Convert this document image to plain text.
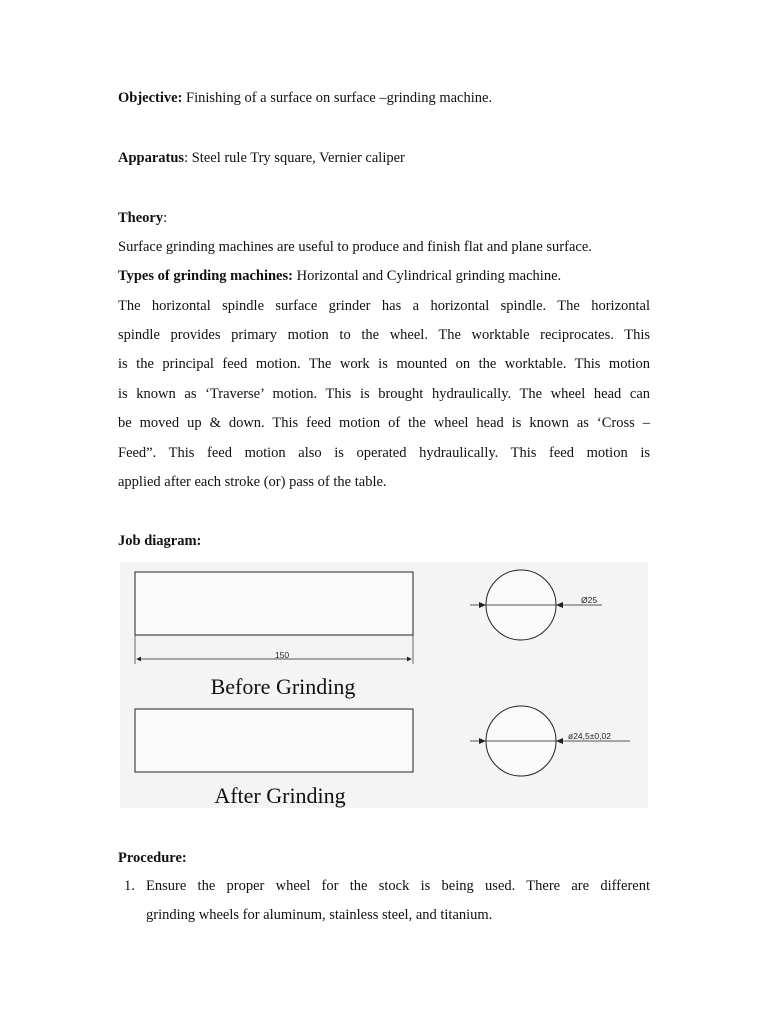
Objective: Finishing of a surface on surface –grinding machine.
Apparatus: Steel rule Try square, Vernier caliper
Theory:
Surface grinding machines are useful to produce and finish flat and plane surface.
Types of grinding machines: Horizontal and Cylindrical grinding machine.
The horizontal spindle surface grinder has a horizontal spindle. The horizontal
spindle provides primary motion to the wheel. The worktable reciprocates. This
is the principal feed motion. The work is mounted on the worktable. This motion
is known as ‘Traverse’ motion. This is brought hydraulically. The wheel head can
be moved up & down. This feed motion of the wheel head is known as ‘Cross –
Feed”. This feed motion also is operated hydraulically. This feed motion is
applied after each stroke (or) pass of the table.
Job diagram:
150
Before Grinding
Ø25
After Grinding
ø24,5±0,02
Procedure:
1. Ensure the proper wheel for the stock is being used. There are different
grinding wheels for aluminum, stainless steel, and titanium.
